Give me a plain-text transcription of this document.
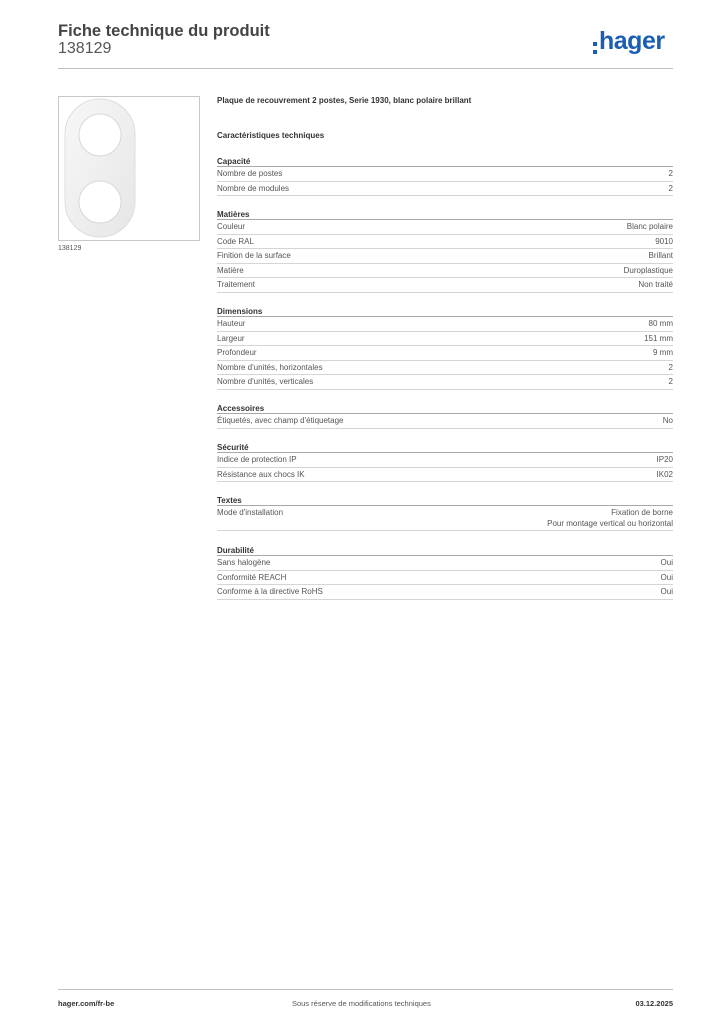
Fiche technique du produit
138129	hager
138129
Plaque de recouvrement 2 postes, Serie 1930, blanc polaire brillant
Caractéristiques techniques
Capacité
Nombre de postes	2
Nombre de modules	2
Matières
Couleur	Blanc polaire
Code RAL	9010
Finition de la surface	Brillant
Matière	Duroplastique
Traitement	Non traité
Dimensions
Hauteur	80 mm
Largeur	151 mm
Profondeur	9 mm
Nombre d'unités, horizontales	2
Nombre d'unités, verticales	2
Accessoires
Étiquetés, avec champ d'étiquetage	No
Sécurité
Indice de protection IP	IP20
Résistance aux chocs IK	IK02
Textes
Mode d'installation	Fixation de borne
Pour montage vertical ou horizontal
Durabilité
Sans halogène	Oui
Conformité REACH	Oui
Conforme à la directive RoHS	Oui
hager.com/fr-be	Sous réserve de modifications techniques	03.12.2025
